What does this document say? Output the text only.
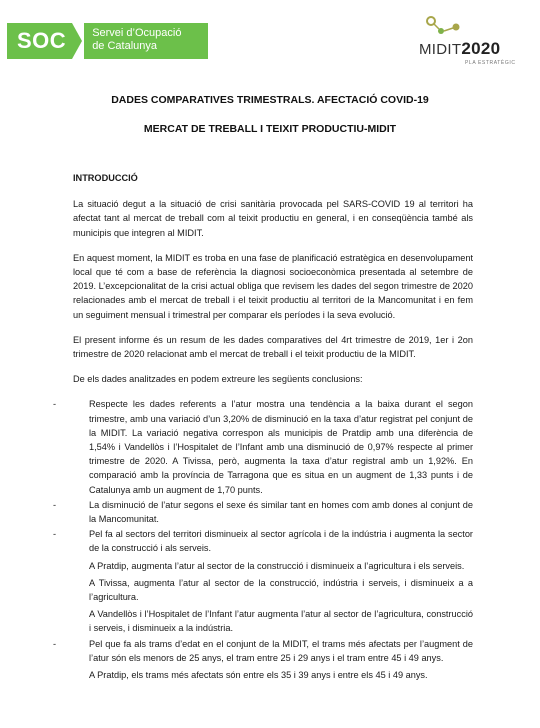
SOC	Servei d’Ocupació
de Catalunya	MIDIT2020
PLA ESTRATÈGIC
DADES COMPARATIVES TRIMESTRALS. AFECTACIÓ COVID-19
MERCAT DE TREBALL I TEIXIT PRODUCTIU-MIDIT
INTRODUCCIÓ

La situació degut a la situació de crisi sanitària provocada pel SARS-COVID 19 al territori ha afectat tant al mercat de treball com al teixit productiu en general, i en conseqüència també als municipis que integren al MIDIT.

En aquest moment, la MIDIT es troba en una fase de planificació estratègica en desenvolupament local que té com a base de referència la diagnosi socioeconòmica presentada al setembre de 2019. L’excepcionalitat de la crisi actual obliga que revisem les dades del segon trimestre de 2020 relacionades amb el mercat de treball i el teixit productiu al territori de la Mancomunitat i en fem un seguiment mensual i trimestral per comparar els períodes i la seva evolució.

El present informe és un resum de les dades comparatives del 4rt trimestre de 2019, 1er i 2on trimestre de 2020 relacionat amb el mercat de treball i el teixit productiu de la MIDIT.

De els dades analitzades en podem extreure les següents conclusions:

-	Respecte les dades referents a l’atur mostra una tendència a la baixa durant el segon trimestre, amb una variació d’un 3,20% de disminució en la taxa d’atur registrat pel conjunt de la MIDIT. La variació negativa correspon als municipis de Pratdip amb una diferència de 1,54% i Vandellòs i l’Hospitalet de l’Infant amb una disminució de 0,97% respecte al primer trimestre de 2020. A Tivissa, però, augmenta la taxa d’atur registral amb un 1,92%. En comparació amb la província de Tarragona que es situa en un augment de 1,33 punts i de Catalunya amb un augment de 1,70 punts.
-	La disminució de l’atur segons el sexe és similar tant en homes com amb dones al conjunt de la Mancomunitat.
-	Pel fa al sectors del territori disminueix al sector agrícola i de la indústria i augmenta la sector de la construcció i als serveis.
A Pratdip, augmenta l’atur al sector de la construcció i disminueix a l’agricultura i els serveis.
A Tivissa, augmenta l’atur al sector de la construcció, indústria i serveis, i disminueix a a l’agricultura.
A Vandellòs i l’Hospitalet de l’Infant l’atur augmenta l’atur al sector de l’agricultura, construcció i serveis, i disminueix a la indústria.
-	Pel que fa als trams d’edat en el conjunt de la MIDIT, el trams més afectats per l’augment de l’atur són els menors de 25 anys, el tram entre 25 i 29 anys i el tram entre 45 i 49 anys.
A Pratdip, els trams més afectats són entre els 35 i 39 anys i entre els 45 i 49 anys.
